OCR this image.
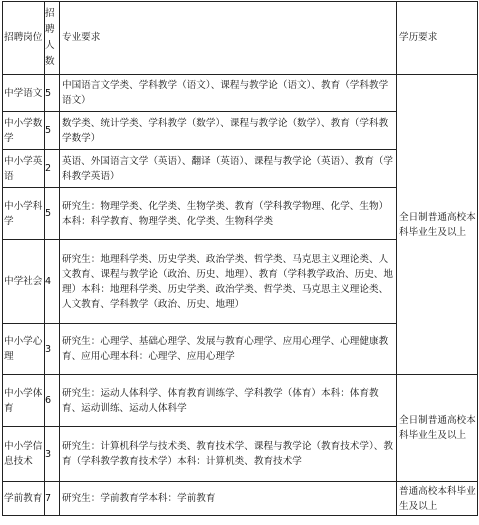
招聘岗位	招聘人数	专业要求	学历要求
中学语文	5	中国语言文学类、学科教学（语文）、课程与教学论（语文）、教育（学科教学语文）	全日制普通高校本科毕业生及以上
中小学数学	5	数学类、统计学类、学科教学（数学）、课程与教学论（数学）、教育（学科教学数学）	
中小学英语	2	英语、外国语言文学（英语）、翻译（英语）、课程与教学论（英语）、教育（学科教学英语）	
中小学科学	5	研究生：物理学类、化学类、生物学类、教育（学科教学物理、化学、生物）本科：科学教育、物理学类、化学类、生物科学类	
中学社会	4	研究生：地理科学类、历史学类、政治学类、哲学类、马克思主义理论类、人文教育、课程与教学论（政治、历史、地理）、教育（学科教学政治、历史、地理）本科：地理科学类、历史学类、政治学类、哲学类、马克思主义理论类、人文教育、学科教学（政治、历史、地理）	
中小学心理	3	研究生：心理学、基础心理学、发展与教育心理学、应用心理学、心理健康教育、应用心理本科：心理学、应用心理学	
中小学体育	6	研究生：运动人体科学、体育教育训练学、学科教学（体育）本科：体育教育、运动训练、运动人体科学	全日制普通高校本科毕业生及以上
中小学信息技术	3	研究生：计算机科学与技术类、教育技术学、课程与教学论（教育技术学）、教育（学科教学教育技术学）本科：计算机类、教育技术学	
学前教育	7	研究生：学前教育学本科：学前教育	普通高校本科毕业生及以上
